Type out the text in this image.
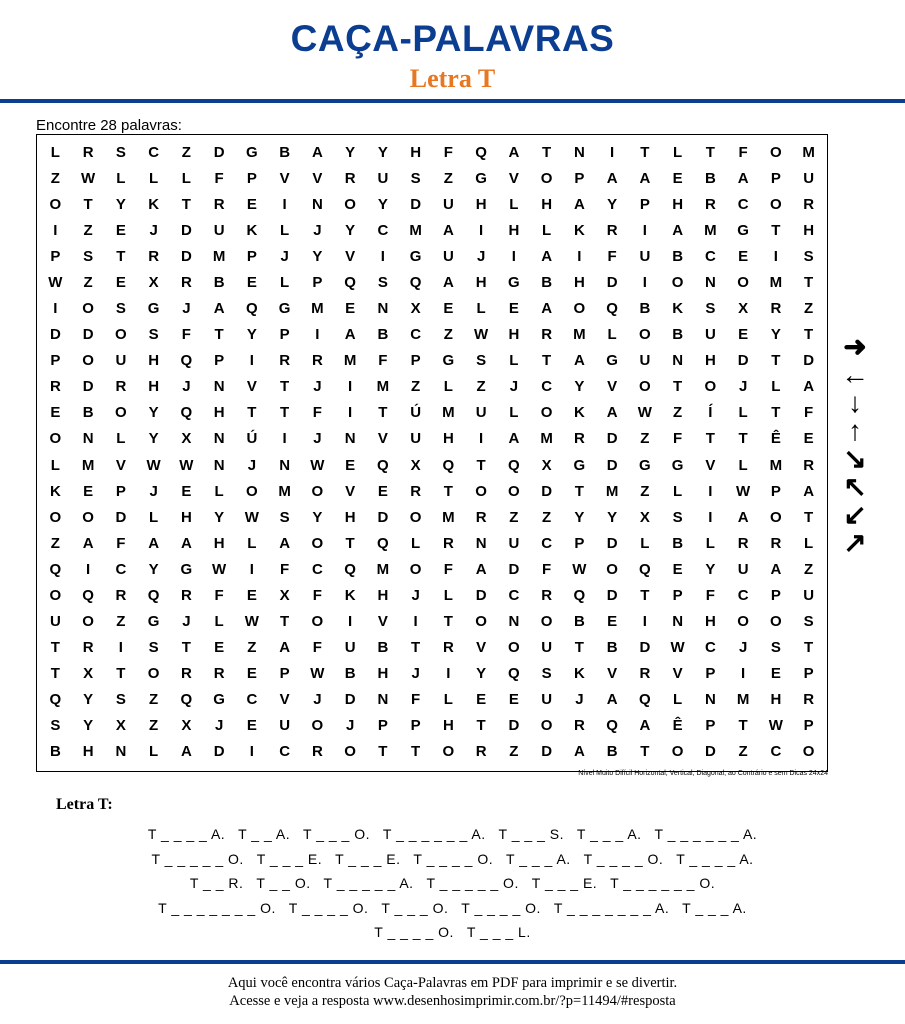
CAÇA-PALAVRAS
Letra T
Encontre 28 palavras:
L	R	S	C	Z	D	G	B	A	Y	Y	H	F	Q	A	T	N	I	T	L	T	F	O	M
Z	W	L	L	L	F	P	V	V	R	U	S	Z	G	V	O	P	A	A	E	B	A	P	U
O	T	Y	K	T	R	E	I	N	O	Y	D	U	H	L	H	A	Y	P	H	R	C	O	R
I	Z	E	J	D	U	K	L	J	Y	C	M	A	I	H	L	K	R	I	A	M	G	T	H
P	S	T	R	D	M	P	J	Y	V	I	G	U	J	I	A	I	F	U	B	C	E	I	S
W	Z	E	X	R	B	E	L	P	Q	S	Q	A	H	G	B	H	D	I	O	N	O	M	T
I	O	S	G	J	A	Q	G	M	E	N	X	E	L	E	A	O	Q	B	K	S	X	R	Z
D	D	O	S	F	T	Y	P	I	A	B	C	Z	W	H	R	M	L	O	B	U	E	Y	T
P	O	U	H	Q	P	I	R	R	M	F	P	G	S	L	T	A	G	U	N	H	D	T	D
R	D	R	H	J	N	V	T	J	I	M	Z	L	Z	J	C	Y	V	O	T	O	J	L	A
E	B	O	Y	Q	H	T	T	F	I	T	Ú	M	U	L	O	K	A	W	Z	Í	L	T	F
O	N	L	Y	X	N	Ú	I	J	N	V	U	H	I	A	M	R	D	Z	F	T	T	Ê	E
L	M	V	W	W	N	J	N	W	E	Q	X	Q	T	Q	X	G	D	G	G	V	L	M	R
K	E	P	J	E	L	O	M	O	V	E	R	T	O	O	D	T	M	Z	L	I	W	P	A
O	O	D	L	H	Y	W	S	Y	H	D	O	M	R	Z	Z	Y	Y	X	S	I	A	O	T
Z	A	F	A	A	H	L	A	O	T	Q	L	R	N	U	C	P	D	L	B	L	R	R	L
Q	I	C	Y	G	W	I	F	C	Q	M	O	F	A	D	F	W	O	Q	E	Y	U	A	Z
O	Q	R	Q	R	F	E	X	F	K	H	J	L	D	C	R	Q	D	T	P	F	C	P	U
U	O	Z	G	J	L	W	T	O	I	V	I	T	O	N	O	B	E	I	N	H	O	O	S
T	R	I	S	T	E	Z	A	F	U	B	T	R	V	O	U	T	B	D	W	C	J	S	T
T	X	T	O	R	R	E	P	W	B	H	J	I	Y	Q	S	K	V	R	V	P	I	E	P
Q	Y	S	Z	Q	G	C	V	J	D	N	F	L	E	E	U	J	A	Q	L	N	M	H	R
S	Y	X	Z	X	J	E	U	O	J	P	P	H	T	D	O	R	Q	A	Ê	P	T	W	P
B	H	N	L	A	D	I	C	R	O	T	T	O	R	Z	D	A	B	T	O	D	Z	C	O
Nível Muito Difícil Horizontal, Vertical, Diagonal, ao Contrário e sem Dicas 24x24
➜
←
↓
↑
↘
↖
↙
↗
Letra T:
T _ _ _ _ A.   T _ _ A.   T _ _ _ O.   T _ _ _ _ _ _ A.   T _ _ _ S.   T _ _ _ A.   T _ _ _ _ _ _ A.
T _ _ _ _ _ O.   T _ _ _ E.   T _ _ _ E.   T _ _ _ _ O.   T _ _ _ A.   T _ _ _ _ O.   T _ _ _ _ A.
T _ _ R.   T _ _ O.   T _ _ _ _ _ A.   T _ _ _ _ _ O.   T _ _ _ E.   T _ _ _ _ _ _ O.
T _ _ _ _ _ _ _ O.   T _ _ _ _ O.   T _ _ _ O.   T _ _ _ _ O.   T _ _ _ _ _ _ _ A.   T _ _ _ A.
T _ _ _ _ O.   T _ _ _ L.
Aqui você encontra vários Caça-Palavras em PDF para imprimir e se divertir.
Acesse e veja a resposta www.desenhosimprimir.com.br/?p=11494/#resposta
